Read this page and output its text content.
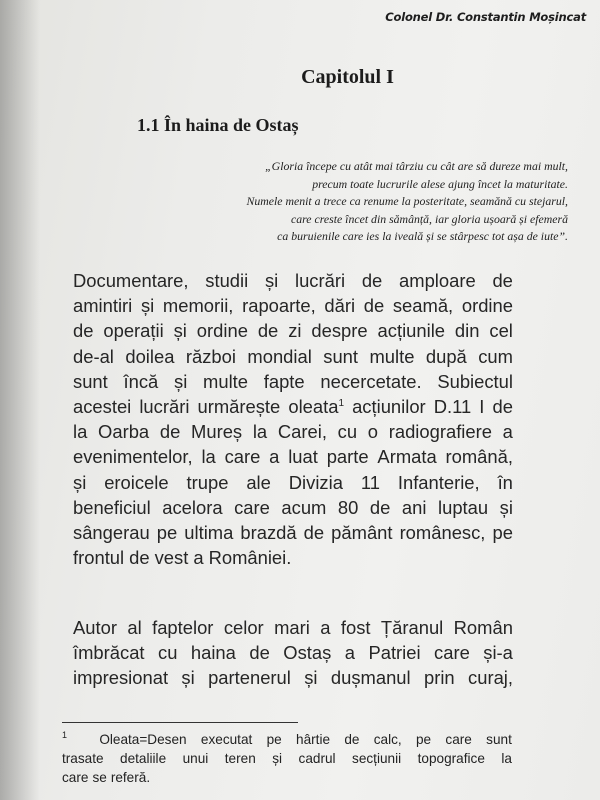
Colonel Dr. Constantin Moșincat
Capitolul I
1.1 În haina de Ostaș
„Gloria începe cu atât mai târziu cu cât are să dureze mai mult,
precum toate lucrurile alese ajung încet la maturitate.
Numele menit a trece ca renume la posteritate, seamănă cu stejarul,
care creste încet din sămânță, iar gloria ușoară și efemeră
ca buruienile care ies la iveală și se stârpesc tot așa de iute”.
Documentare, studii și lucrări de amploare de
amintiri și memorii, rapoarte, dări de seamă, ordine
de operații și ordine de zi despre acțiunile din cel
de-al doilea război mondial sunt multe după cum
sunt încă și multe fapte necercetate. Subiectul
acestei lucrări urmărește oleata$^1$ acțiunilor D.11 I de
la Oarba de Mureș la Carei, cu o radiografiere a
evenimentelor, la care a luat parte Armata română,
și eroicele trupe ale Divizia 11 Infanterie, în
beneficiul acelora care acum 80 de ani luptau și
sângerau pe ultima brazdă de pământ românesc, pe
frontul de vest a României.
Autor al faptelor celor mari a fost Țăranul Român
îmbrăcat cu haina de Ostaș a Patriei care și-a
impresionat și partenerul și dușmanul prin curaj,
1 Oleata=Desen executat pe hârtie de calc, pe care sunt
trasate detaliile unui teren și cadrul secțiunii topografice la
care se referă.
